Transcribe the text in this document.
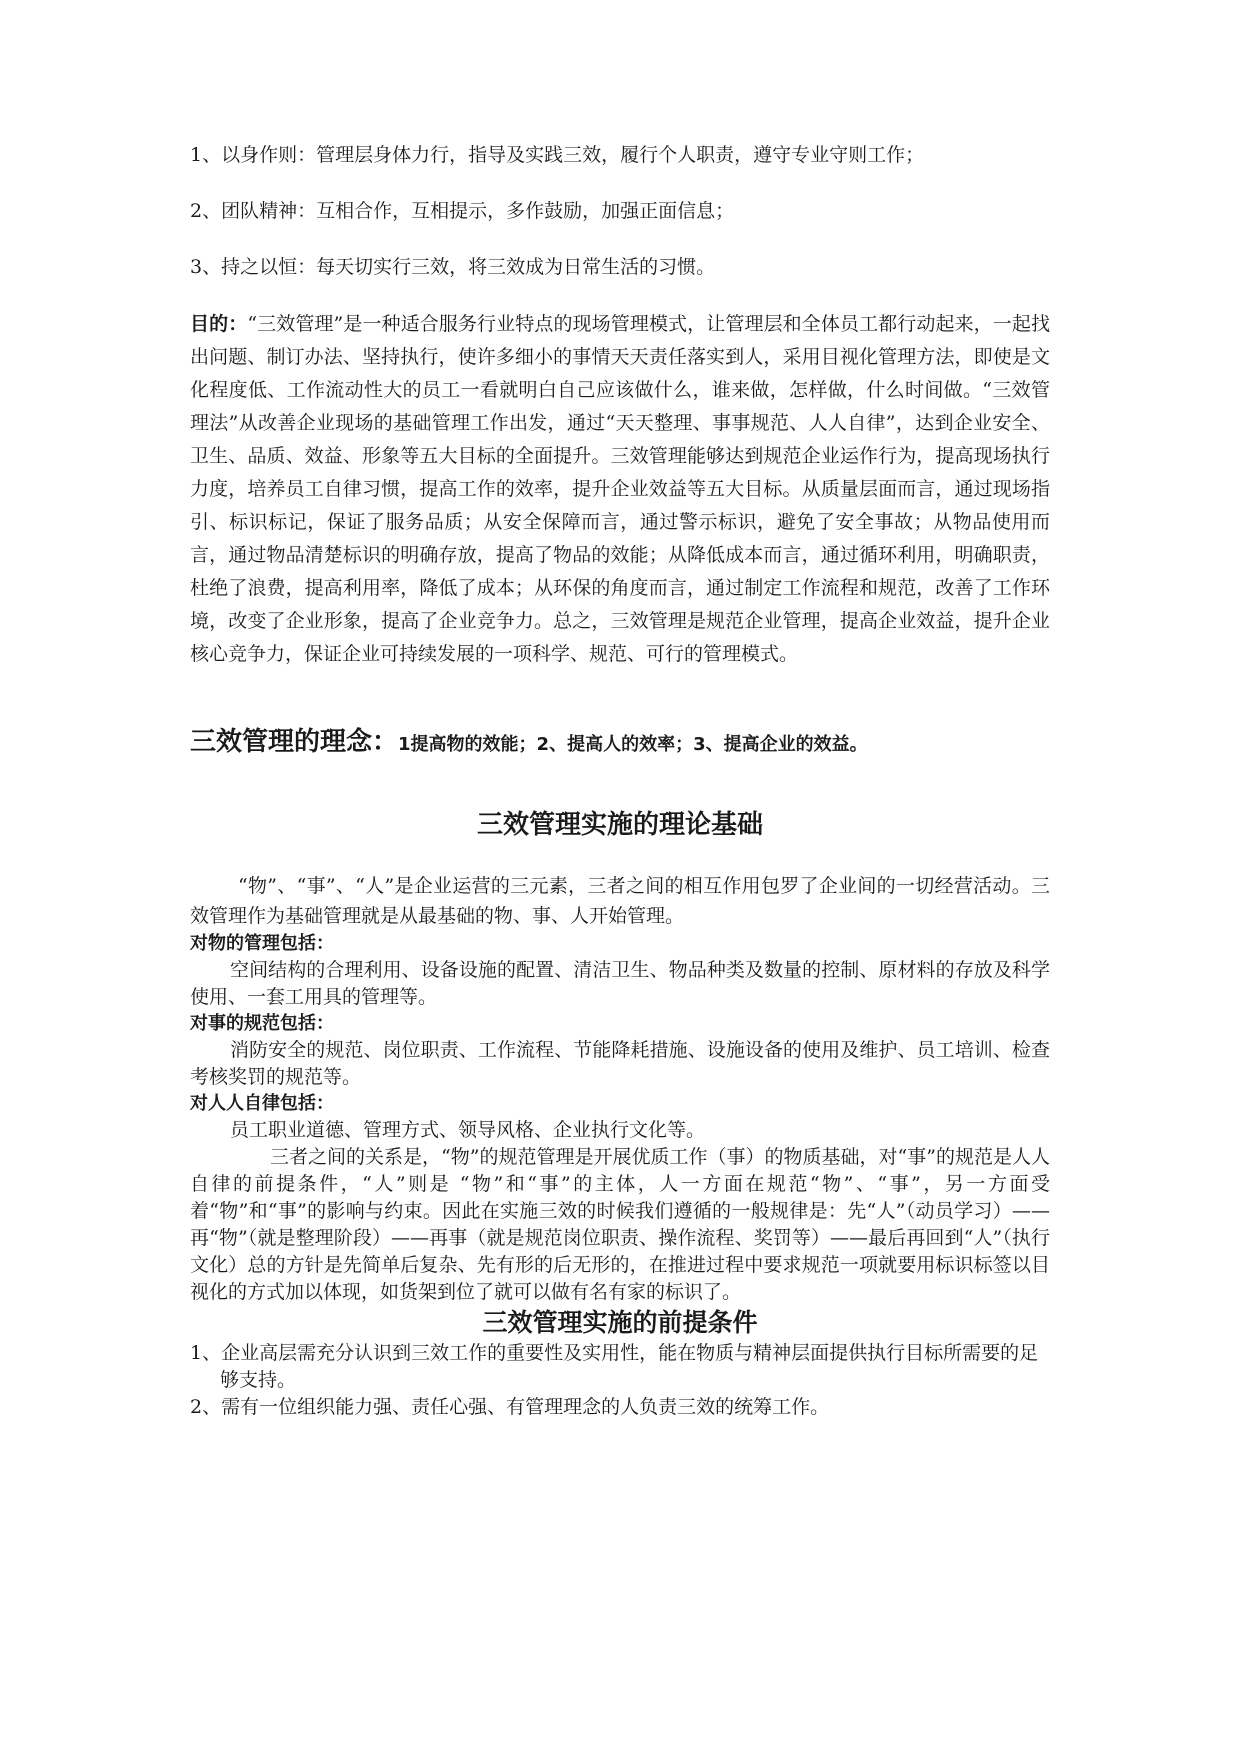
1、以身作则：管理层身体力行，指导及实践三效，履行个人职责，遵守专业守则工作；

2、团队精神：互相合作，互相提示，多作鼓励，加强正面信息；

3、持之以恒：每天切实行三效，将三效成为日常生活的习惯。

目的：“三效管理”是一种适合服务行业特点的现场管理模式，让管理层和全体员工都行动起来，一起找出问题、制订办法、坚持执行，使许多细小的事情天天责任落实到人，采用目视化管理方法，即使是文化程度低、工作流动性大的员工一看就明白自己应该做什么，谁来做，怎样做，什么时间做。“三效管理法”从改善企业现场的基础管理工作出发，通过“天天整理、事事规范、人人自律”，达到企业安全、卫生、品质、效益、形象等五大目标的全面提升。三效管理能够达到规范企业运作行为，提高现场执行力度，培养员工自律习惯，提高工作的效率，提升企业效益等五大目标。从质量层面而言，通过现场指引、标识标记，保证了服务品质；从安全保障而言，通过警示标识，避免了安全事故；从物品使用而言，通过物品清楚标识的明确存放，提高了物品的效能；从降低成本而言，通过循环利用，明确职责，杜绝了浪费，提高利用率，降低了成本；从环保的角度而言，通过制定工作流程和规范，改善了工作环境，改变了企业形象，提高了企业竞争力。总之，三效管理是规范企业管理，提高企业效益，提升企业核心竞争力，保证企业可持续发展的一项科学、规范、可行的管理模式。

三效管理的理念：1提高物的效能；2、提高人的效率；3、提高企业的效益。

三效管理实施的理论基础

“物”、“事”、“人”是企业运营的三元素，三者之间的相互作用包罗了企业间的一切经营活动。三效管理作为基础管理就是从最基础的物、事、人开始管理。

对物的管理包括：

空间结构的合理利用、设备设施的配置、清洁卫生、物品种类及数量的控制、原材料的存放及科学使用、一套工用具的管理等。

对事的规范包括：

消防安全的规范、岗位职责、工作流程、节能降耗措施、设施设备的使用及维护、员工培训、检查考核奖罚的规范等。

对人人自律包括：

员工职业道德、管理方式、领导风格、企业执行文化等。

三者之间的关系是，“物”的规范管理是开展优质工作（事）的物质基础，对“事”的规范是人人自律的前提条件，“人”则是 “物”和“事”的主体，人一方面在规范“物”、“事”，另一方面受着“物”和“事”的影响与约束。因此在实施三效的时候我们遵循的一般规律是：先“人”（动员学习）——再“物”（就是整理阶段）——再事（就是规范岗位职责、操作流程、奖罚等）——最后再回到“人”（执行文化）总的方针是先简单后复杂、先有形的后无形的，在推进过程中要求规范一项就要用标识标签以目视化的方式加以体现，如货架到位了就可以做有名有家的标识了。

三效管理实施的前提条件

1、企业高层需充分认识到三效工作的重要性及实用性，能在物质与精神层面提供执行目标所需要的足够支持。

2、需有一位组织能力强、责任心强、有管理理念的人负责三效的统筹工作。
